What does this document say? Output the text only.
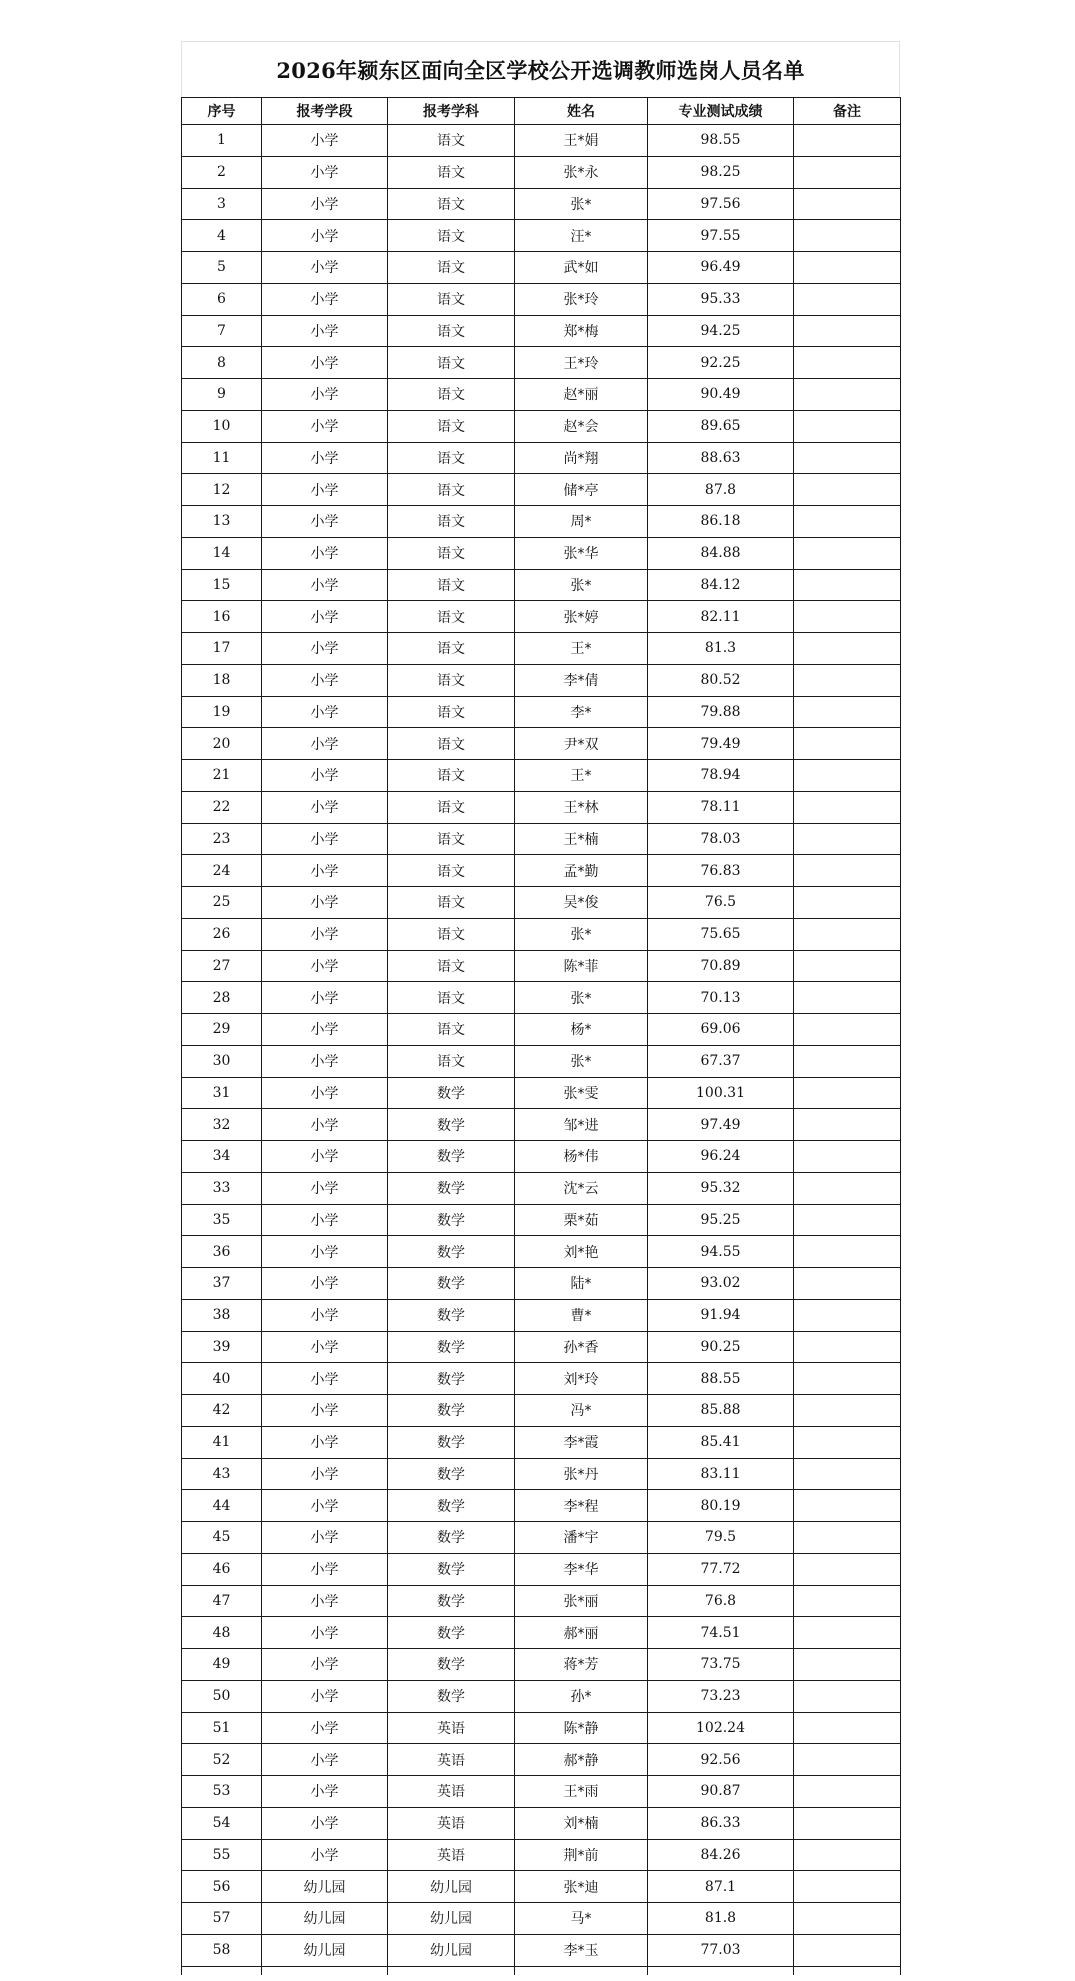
2026年颍东区面向全区学校公开选调教师选岗人员名单
序号	报考学段	报考学科	姓名	专业测试成绩	备注
1	小学	语文	王*娟	98.55	
2	小学	语文	张*永	98.25	
3	小学	语文	张*	97.56	
4	小学	语文	汪*	97.55	
5	小学	语文	武*如	96.49	
6	小学	语文	张*玲	95.33	
7	小学	语文	郑*梅	94.25	
8	小学	语文	王*玲	92.25	
9	小学	语文	赵*丽	90.49	
10	小学	语文	赵*会	89.65	
11	小学	语文	尚*翔	88.63	
12	小学	语文	储*亭	87.8	
13	小学	语文	周*	86.18	
14	小学	语文	张*华	84.88	
15	小学	语文	张*	84.12	
16	小学	语文	张*婷	82.11	
17	小学	语文	王*	81.3	
18	小学	语文	李*倩	80.52	
19	小学	语文	李*	79.88	
20	小学	语文	尹*双	79.49	
21	小学	语文	王*	78.94	
22	小学	语文	王*林	78.11	
23	小学	语文	王*楠	78.03	
24	小学	语文	孟*勤	76.83	
25	小学	语文	吴*俊	76.5	
26	小学	语文	张*	75.65	
27	小学	语文	陈*菲	70.89	
28	小学	语文	张*	70.13	
29	小学	语文	杨*	69.06	
30	小学	语文	张*	67.37	
31	小学	数学	张*雯	100.31	
32	小学	数学	邹*进	97.49	
34	小学	数学	杨*伟	96.24	
33	小学	数学	沈*云	95.32	
35	小学	数学	栗*茹	95.25	
36	小学	数学	刘*艳	94.55	
37	小学	数学	陆*	93.02	
38	小学	数学	曹*	91.94	
39	小学	数学	孙*香	90.25	
40	小学	数学	刘*玲	88.55	
42	小学	数学	冯*	85.88	
41	小学	数学	李*霞	85.41	
43	小学	数学	张*丹	83.11	
44	小学	数学	李*程	80.19	
45	小学	数学	潘*宇	79.5	
46	小学	数学	李*华	77.72	
47	小学	数学	张*丽	76.8	
48	小学	数学	郝*丽	74.51	
49	小学	数学	蒋*芳	73.75	
50	小学	数学	孙*	73.23	
51	小学	英语	陈*静	102.24	
52	小学	英语	郝*静	92.56	
53	小学	英语	王*雨	90.87	
54	小学	英语	刘*楠	86.33	
55	小学	英语	荆*前	84.26	
56	幼儿园	幼儿园	张*迪	87.1	
57	幼儿园	幼儿园	马*	81.8	
58	幼儿园	幼儿园	李*玉	77.03	
